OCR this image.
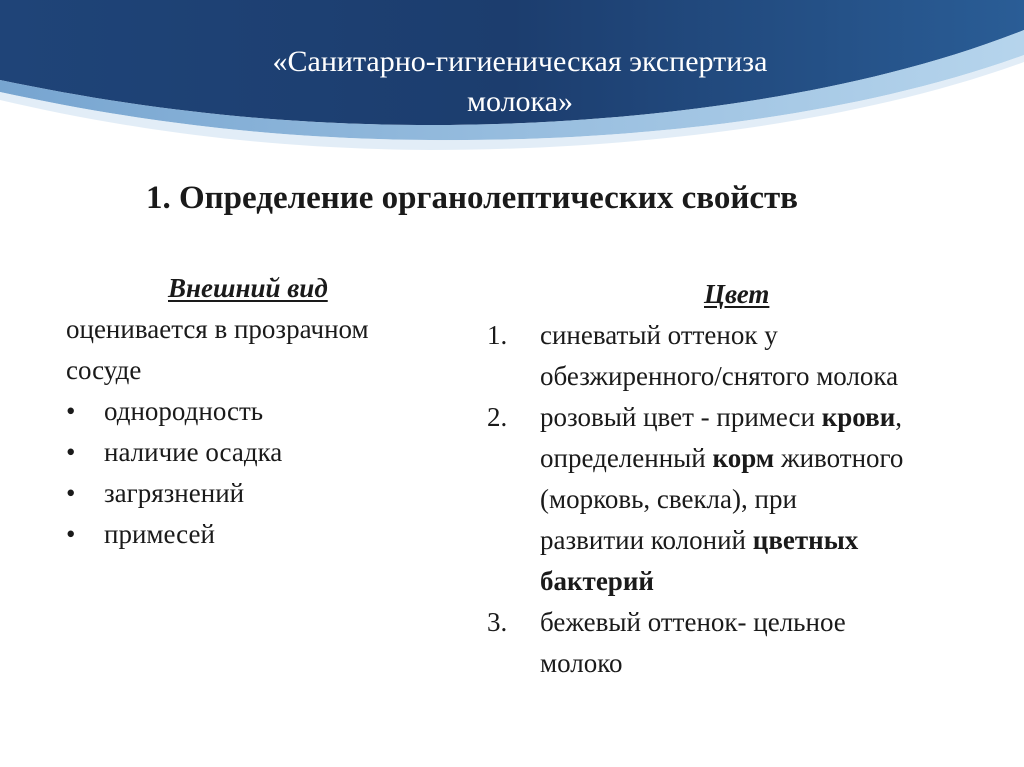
«Санитарно-гигиеническая экспертиза
молока»
1. Определение органолептических свойств
Внешний вид
оценивается в прозрачном
сосуде
• однородность
• наличие осадка
• загрязнений
• примесей
Цвет
1. синеватый оттенок у
обезжиренного/снятого молока
2. розовый цвет - примеси крови,
определенный корм животного
(морковь, свекла), при
развитии колоний цветных
бактерий
3. бежевый оттенок- цельное
молоко
